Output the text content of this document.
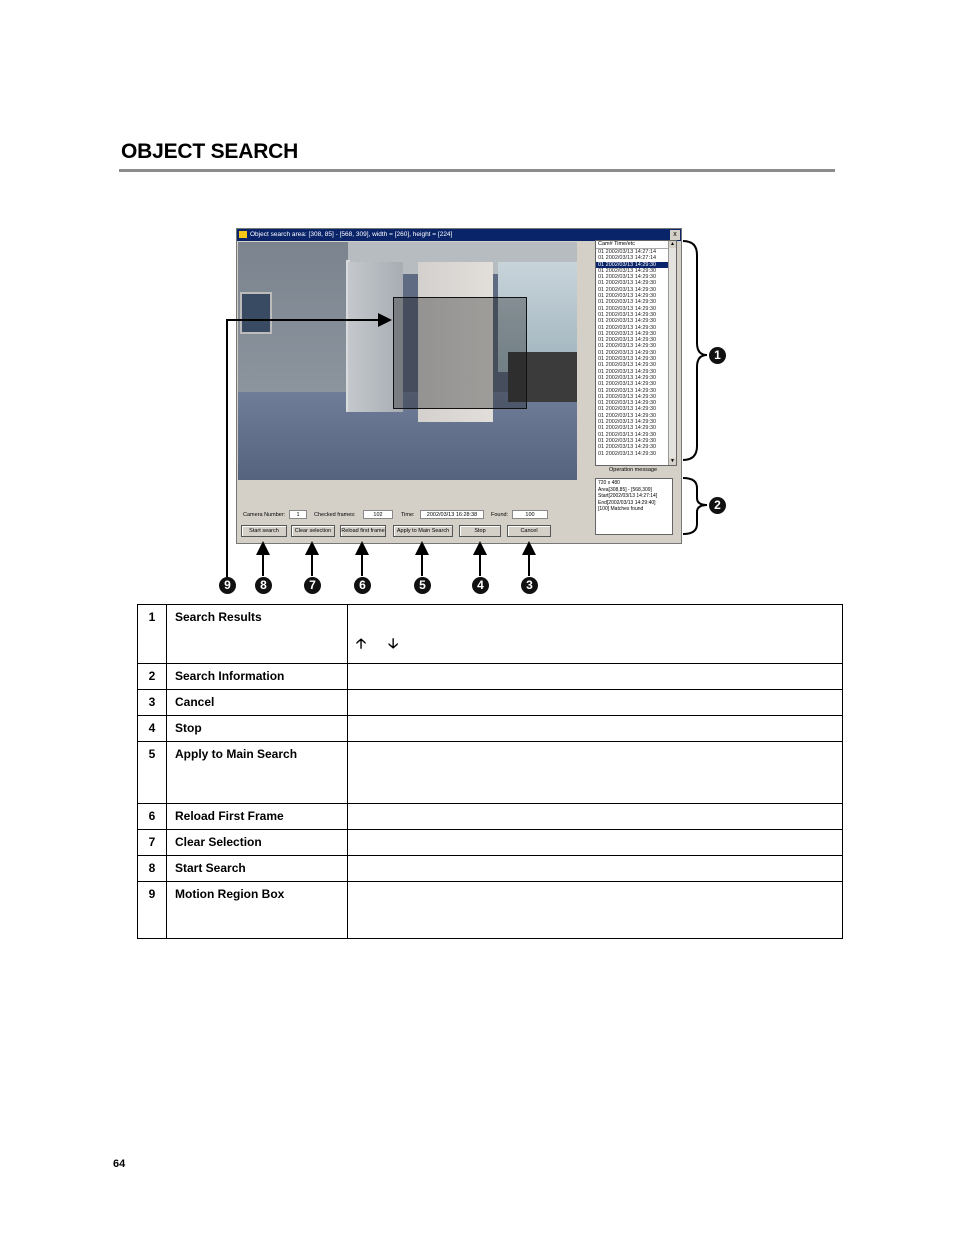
OBJECT SEARCH
Object search area: [308, 85] - [568, 309], width = [260], height = [224]	x
Cam# Time/etc
01 2002/03/13 14:27:14
01 2002/03/13 14:27:14
01 2002/03/13 14:29:30
01 2002/03/13 14:29:30
01 2002/03/13 14:29:30
01 2002/03/13 14:29:30
01 2002/03/13 14:29:30
01 2002/03/13 14:29:30
01 2002/03/13 14:29:30
01 2002/03/13 14:29:30
01 2002/03/13 14:29:30
01 2002/03/13 14:29:30
01 2002/03/13 14:29:30
01 2002/03/13 14:29:30
01 2002/03/13 14:29:30
01 2002/03/13 14:29:30
01 2002/03/13 14:29:30
01 2002/03/13 14:29:30
01 2002/03/13 14:29:30
01 2002/03/13 14:29:30
01 2002/03/13 14:29:30
01 2002/03/13 14:29:30
01 2002/03/13 14:29:30
01 2002/03/13 14:29:30
01 2002/03/13 14:29:30
01 2002/03/13 14:29:30
01 2002/03/13 14:29:30
01 2002/03/13 14:29:30
01 2002/03/13 14:29:30
01 2002/03/13 14:29:30
01 2002/03/13 14:29:30
01 2002/03/13 14:29:30
01 2002/03/13 14:29:30
▲
▼
Operation message
720 x 480
Area[308,85] - [568,309]
Start[2002/03/13 14:27:14]
End[2002/03/13 14:29:40]
[100] Matches found
Camera Number:	1	Checked frames:	102	Time:	2002/03/13 16:28:38	Found:	100
Start search	Clear selection	Reload first frame	Apply to Main Search	Stop	Cancel
1
2
3
4
5
6
7
8
9
1	Search Results	🡡 🡣
2	Search Information	
3	Cancel	
4	Stop	
5	Apply to Main Search	
6	Reload First Frame	
7	Clear Selection	
8	Start Search	
9	Motion Region Box	
64
